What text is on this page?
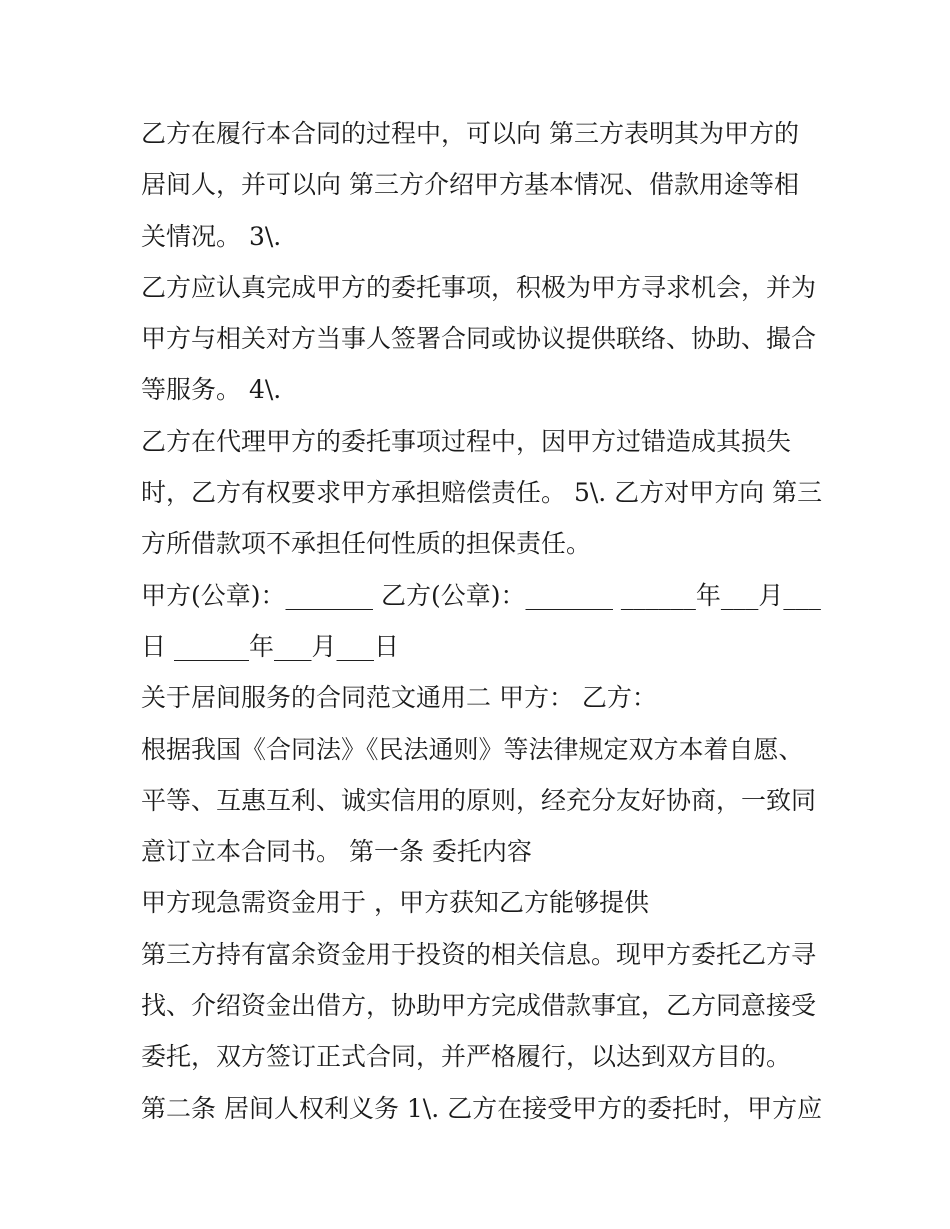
乙方在履行本合同的过程中，可以向 第三方表明其为甲方的
居间人，并可以向 第三方介绍甲方基本情况、借款用途等相
关情况。 3\.
乙方应认真完成甲方的委托事项，积极为甲方寻求机会，并为
甲方与相关对方当事人签署合同或协议提供联络、协助、撮合
等服务。 4\.
乙方在代理甲方的委托事项过程中，因甲方过错造成其损失
时，乙方有权要求甲方承担赔偿责任。 5\. 乙方对甲方向 第三
方所借款项不承担任何性质的担保责任。
甲方(公章)：_______ 乙方(公章)：_______ ______年___月___
日 ______年___月___日
关于居间服务的合同范文通用二 甲方： 乙方：
根据我国《合同法》《民法通则》等法律规定双方本着自愿、
平等、互惠互利、诚实信用的原则，经充分友好协商，一致同
意订立本合同书。 第一条 委托内容
甲方现急需资金用于 ，甲方获知乙方能够提供
第三方持有富余资金用于投资的相关信息。现甲方委托乙方寻
找、介绍资金出借方，协助甲方完成借款事宜，乙方同意接受
委托，双方签订正式合同，并严格履行，以达到双方目的。
第二条 居间人权利义务 1\. 乙方在接受甲方的委托时，甲方应
